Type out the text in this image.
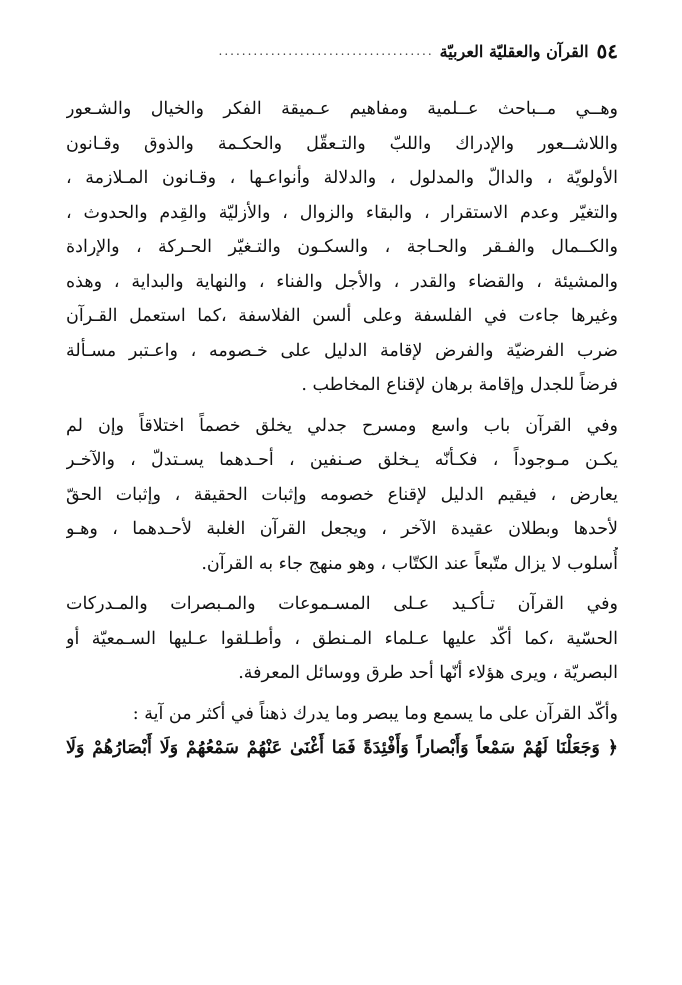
٥٤
القرآن والعقليّة العربيّة
.....................................
وهــي مــباحث عــلمية ومفاهيم عـميقة الفكر والخيال والشـعور
واللاشــعور والإدراك واللبّ والتـعقّل والحكـمة والذوق وقـانون
الأولويّة ، والدالّ والمدلول ، والدلالة وأنواعـها ، وقـانون المـلازمة ،
والتغيّر وعدم الاستقرار ، والبقاء والزوال ، والأزليّة والقِدم والحدوث ،
والكــمال والفـقر والحـاجة ، والسكـون والتـغيّر الحـركة ، والإرادة
والمشيئة ، والقضاء والقدر ، والأجل والفناء ، والنهاية والبداية ، وهذه
وغيرها جاءت في الفلسفة وعلى ألسن الفلاسفة ،كما استعمل القـرآن
ضرب الفرضيّة والفرض لإقامة الدليل على خـصومه ، واعـتبر مسـألة
فرضاً للجدل وإقامة برهان لإقناع المخاطب .
وفي القرآن باب واسع ومسرح جدلي يخلق خصماً اختلاقاً وإن لم
يكـن مـوجوداً ، فكـأنّه يـخلق صـنفين ، أحـدهما يسـتدلّ ، والآخـر
يعارض ، فيقيم الدليل لإقناع خصومه وإثبات الحقيقة ، وإثبات الحقّ
لأحدها وبطلان عقيدة الآخر ، ويجعل القرآن الغلبة لأحـدهما ، وهـو
أُسلوب لا يزال متّبعاً عند الكتّاب ، وهو منهج جاء به القرآن.
وفي القرآن تـأكـيد عـلى المسـموعات والمـبصرات والمـدركات
الحسّية ،كما أكّد عليها عـلماء المـنطق ، وأطـلقوا عـليها السـمعيّة أو
البصريّة ، ويرى هؤلاء أنّها أحد طرق ووسائل المعرفة.
وأكّد القرآن على ما يسمع وما يبصر وما يدرك ذهناً في أكثر من آية :
﴿ وَجَعَلْنَا لَهُمْ سَمْعاً وَأَبْصاراً وَأَفْئِدَةً فَمَا أَغْنَىٰ عَنْهُمْ سَمْعُهُمْ وَلَا أَبْصَارُهُمْ وَلَا
